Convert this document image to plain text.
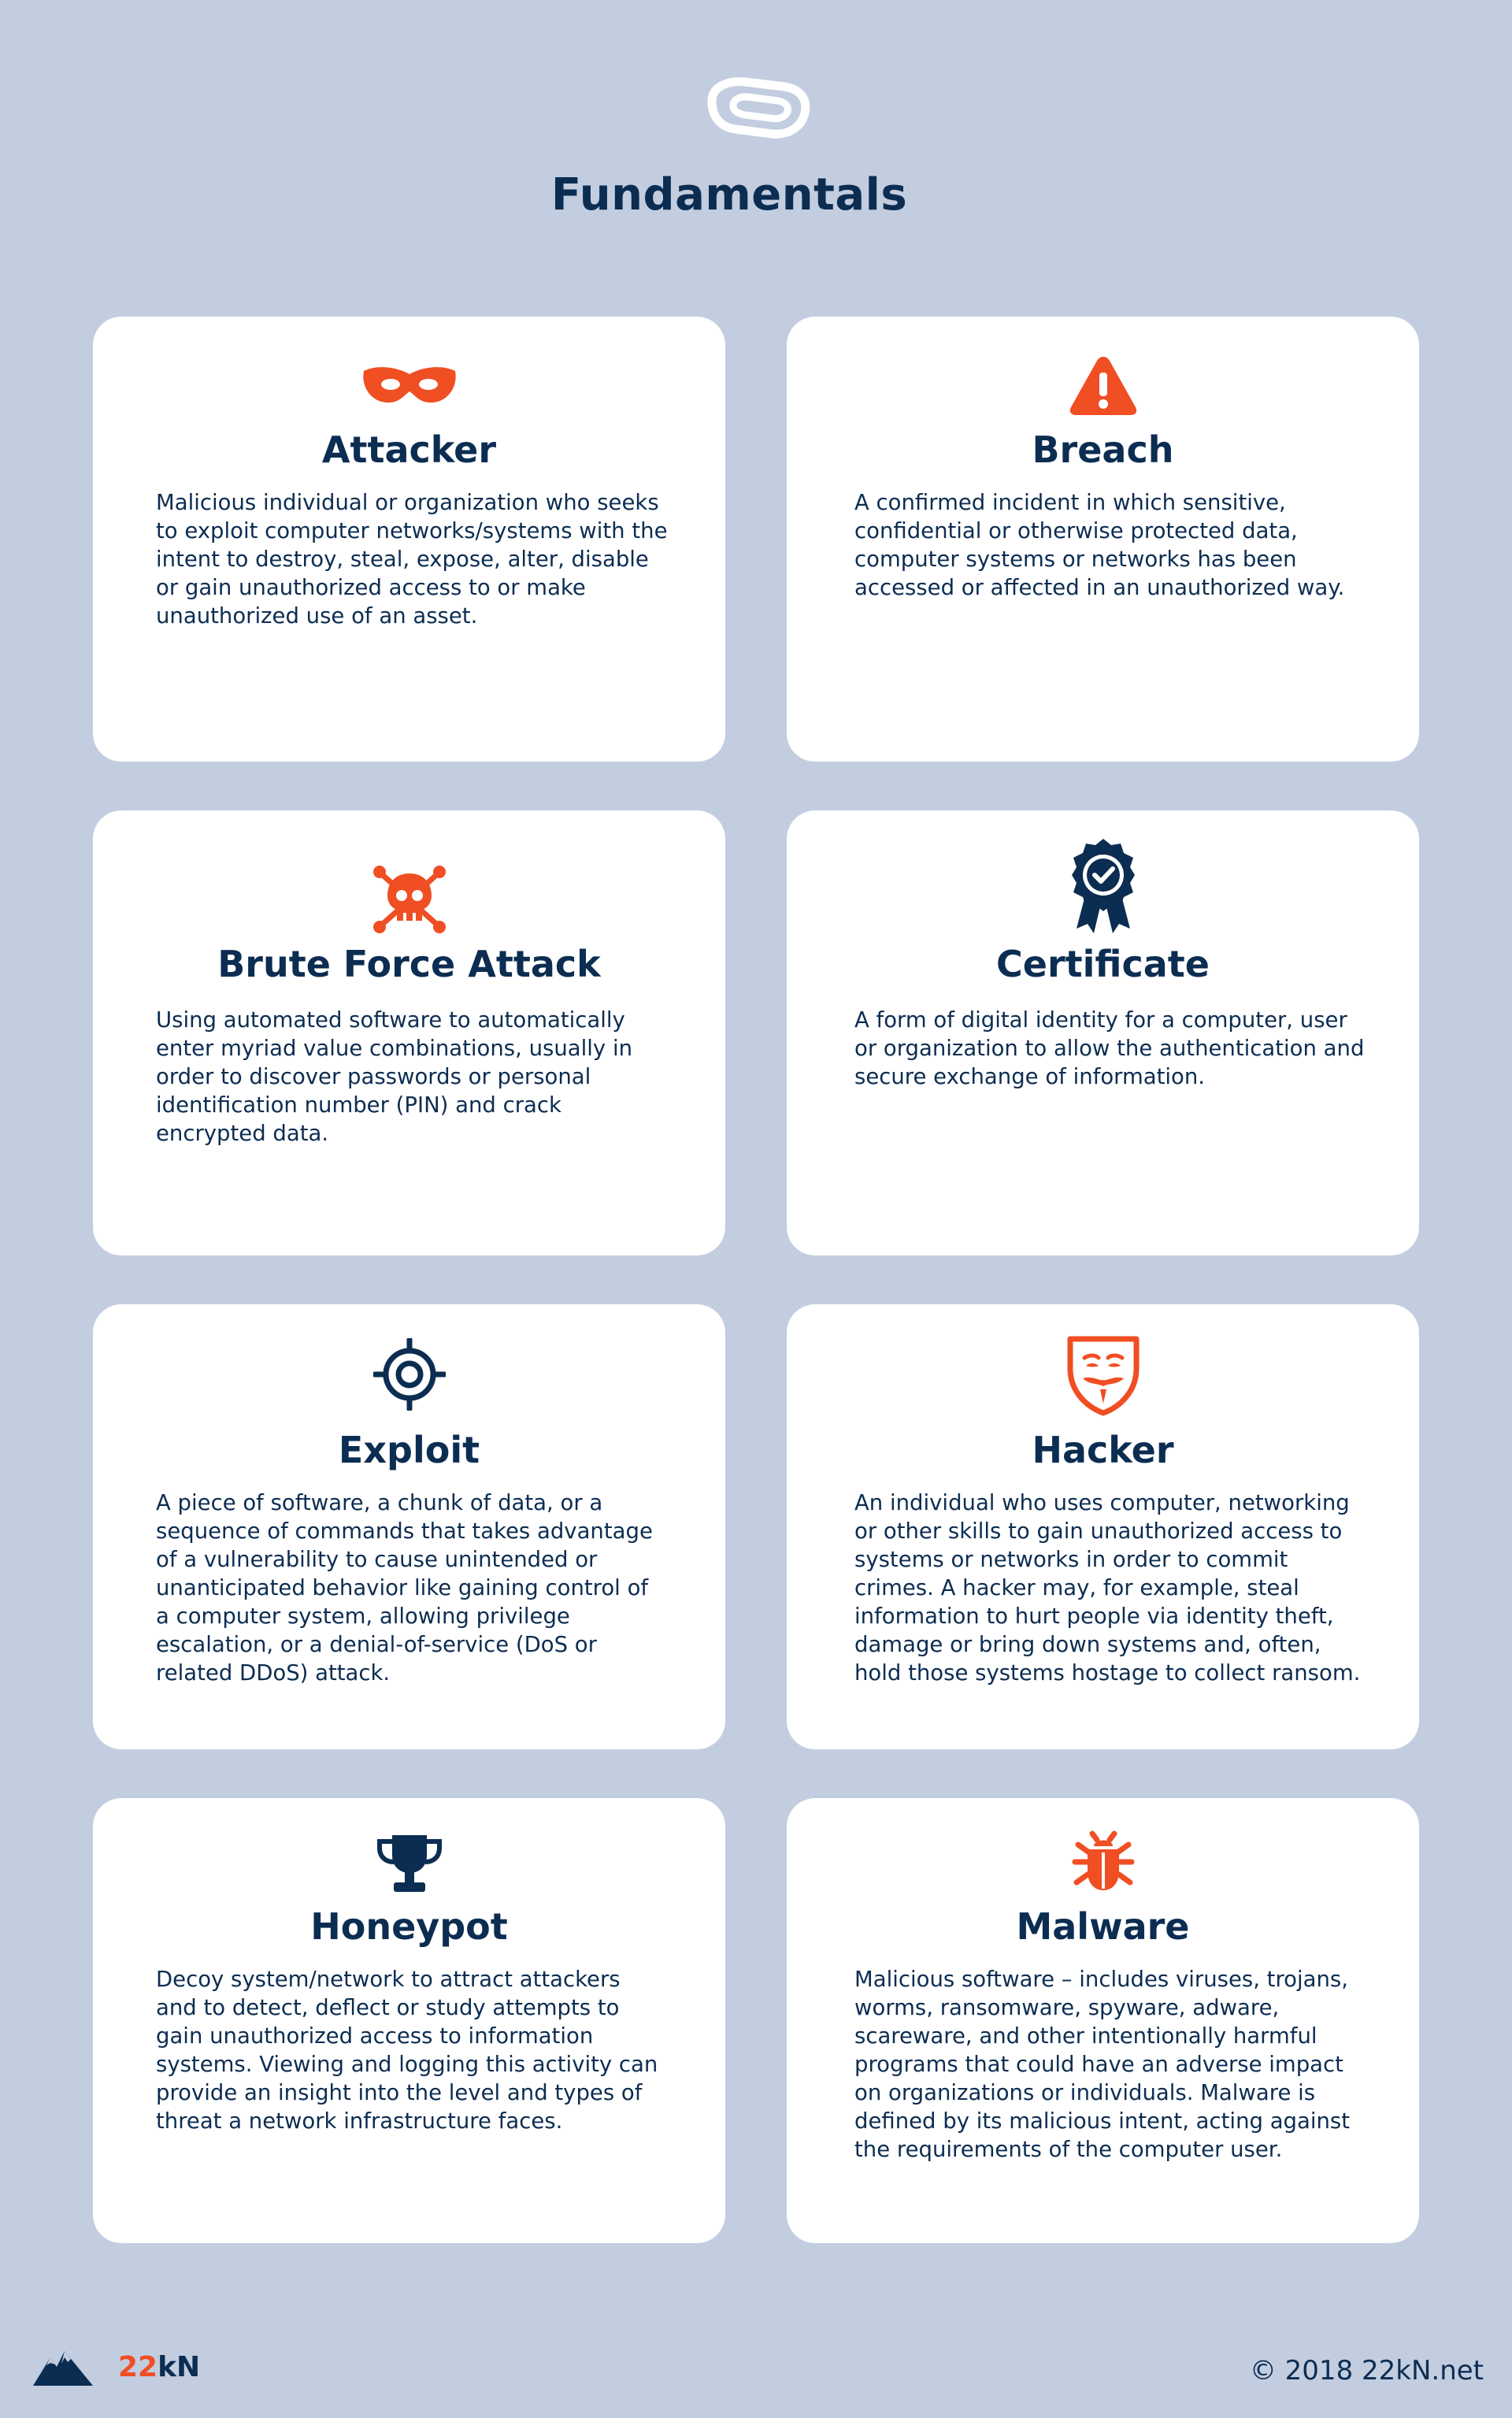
Fundamentals
Attacker

Malicious individual or organization who seeks to exploit computer networks/systems with the intent to destroy, steal, expose, alter, disable or gain unauthorized access to or make unauthorized use of an asset.

Breach

A confirmed incident in which sensitive, confidential or otherwise protected data, computer systems or networks has been accessed or affected in an unauthorized way.

Brute Force Attack

Using automated software to automatically enter myriad value combinations, usually in order to discover passwords or personal identification number (PIN) and crack encrypted data.

Certificate

A form of digital identity for a computer, user or organization to allow the authentication and secure exchange of information.

Exploit

A piece of software, a chunk of data, or a sequence of commands that takes advantage of a vulnerability to cause unintended or unanticipated behavior like gaining control of a computer system, allowing privilege escalation, or a denial-of-service (DoS or related DDoS) attack.

Hacker

An individual who uses computer, networking or other skills to gain unauthorized access to systems or networks in order to commit crimes. A hacker may, for example, steal information to hurt people via identity theft, damage or bring down systems and, often, hold those systems hostage to collect ransom.

Honeypot

Decoy system/network to attract attackers and to detect, deflect or study attempts to gain unauthorized access to information systems. Viewing and logging this activity can provide an insight into the level and types of threat a network infrastructure faces.

Malware

Malicious software – includes viruses, trojans, worms, ransomware, spyware, adware, scareware, and other intentionally harmful programs that could have an adverse impact on organizations or individuals. Malware is defined by its malicious intent, acting against the requirements of the computer user.

22kN	© 2018 22kN.net
